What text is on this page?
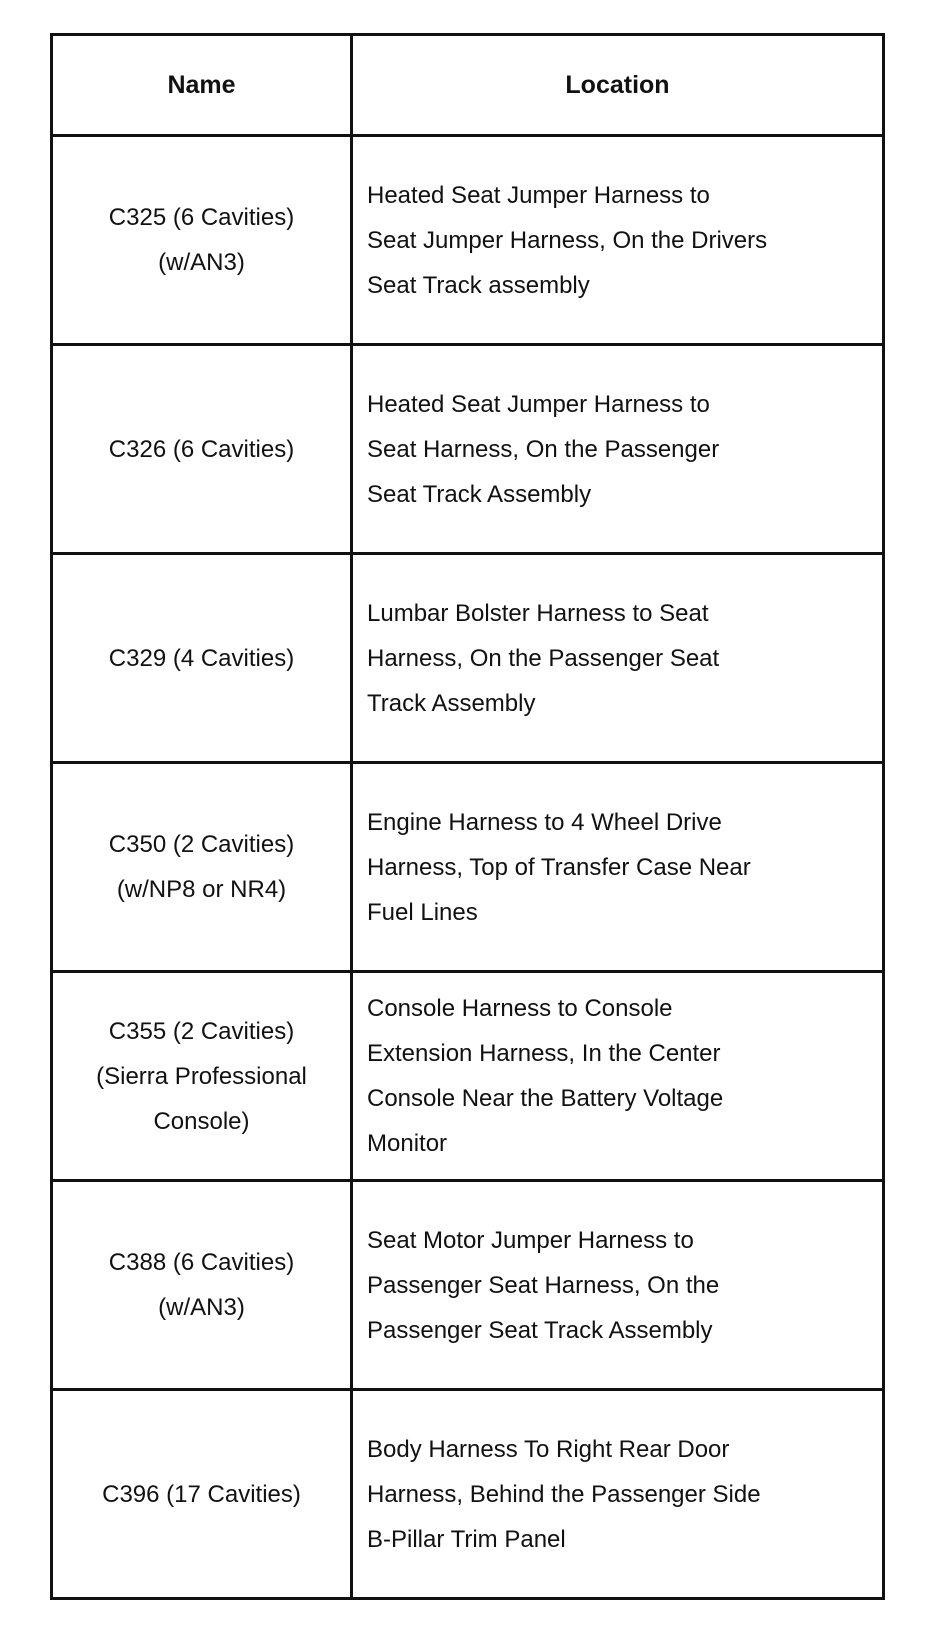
Name	Location

C325 (6 Cavities)
(w/AN3)	Heated Seat Jumper Harness to
Seat Jumper Harness, On the Drivers
Seat Track assembly

C326 (6 Cavities)	Heated Seat Jumper Harness to
Seat Harness, On the Passenger
Seat Track Assembly

C329 (4 Cavities)	Lumbar Bolster Harness to Seat
Harness, On the Passenger Seat
Track Assembly

C350 (2 Cavities)
(w/NP8 or NR4)	Engine Harness to 4 Wheel Drive
Harness, Top of Transfer Case Near
Fuel Lines

C355 (2 Cavities)
(Sierra Professional
Console)	Console Harness to Console
Extension Harness, In the Center
Console Near the Battery Voltage
Monitor

C388 (6 Cavities)
(w/AN3)	Seat Motor Jumper Harness to
Passenger Seat Harness, On the
Passenger Seat Track Assembly

C396 (17 Cavities)	Body Harness To Right Rear Door
Harness, Behind the Passenger Side
B-Pillar Trim Panel
